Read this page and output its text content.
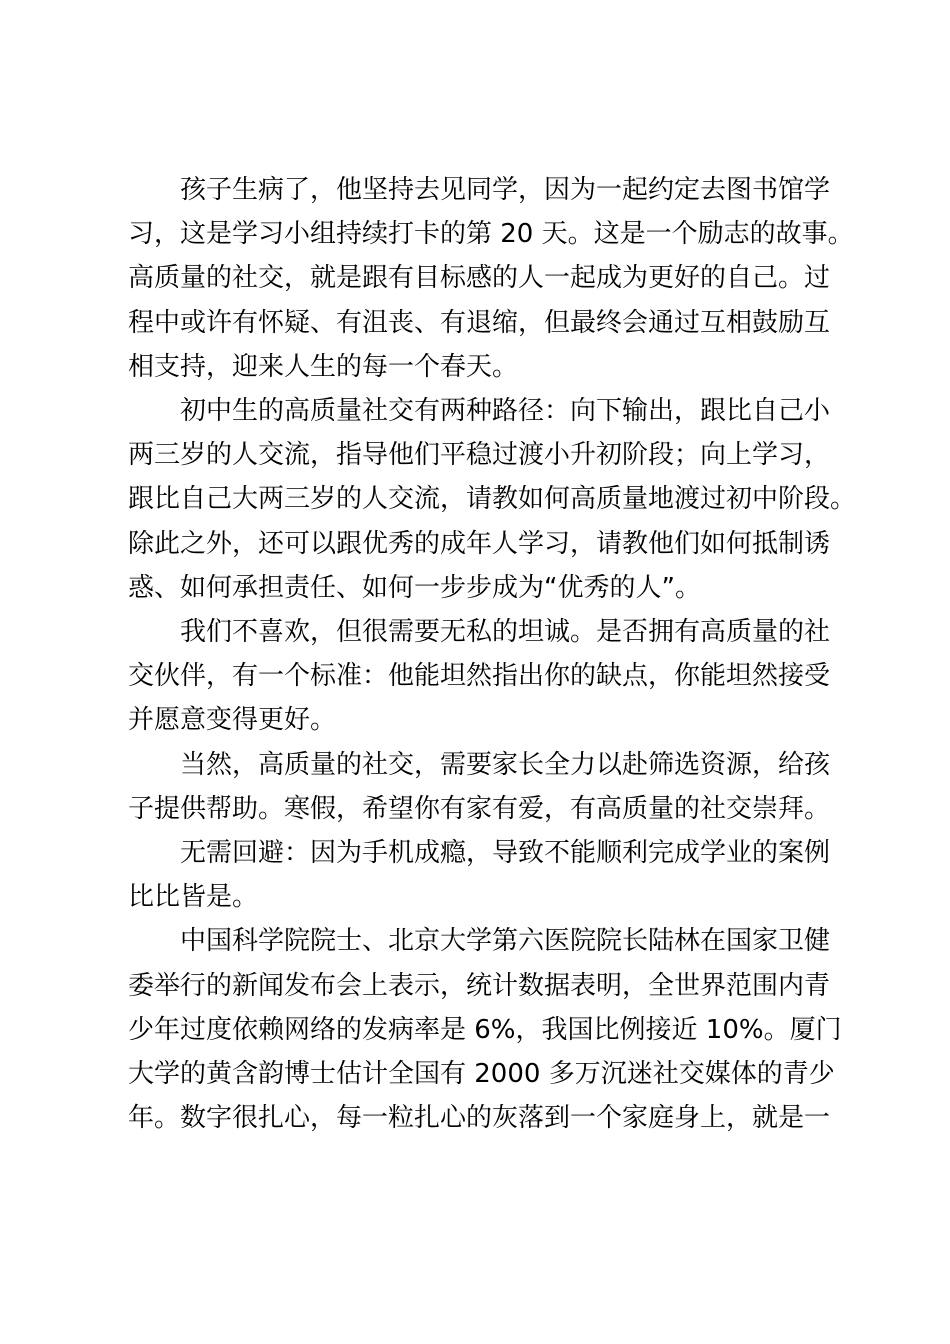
孩子生病了，他坚持去见同学，因为一起约定去图书馆学
习，这是学习小组持续打卡的第 20 天。这是一个励志的故事。
高质量的社交，就是跟有目标感的人一起成为更好的自己。过
程中或许有怀疑、有沮丧、有退缩，但最终会通过互相鼓励互
相支持，迎来人生的每一个春天。

初中生的高质量社交有两种路径：向下输出，跟比自己小
两三岁的人交流，指导他们平稳过渡小升初阶段；向上学习，
跟比自己大两三岁的人交流，请教如何高质量地渡过初中阶段。
除此之外，还可以跟优秀的成年人学习，请教他们如何抵制诱
惑、如何承担责任、如何一步步成为“优秀的人”。

我们不喜欢，但很需要无私的坦诚。是否拥有高质量的社
交伙伴，有一个标准：他能坦然指出你的缺点，你能坦然接受
并愿意变得更好。

当然，高质量的社交，需要家长全力以赴筛选资源，给孩
子提供帮助。寒假，希望你有家有爱，有高质量的社交崇拜。

无需回避：因为手机成瘾，导致不能顺利完成学业的案例
比比皆是。

中国科学院院士、北京大学第六医院院长陆林在国家卫健
委举行的新闻发布会上表示，统计数据表明，全世界范围内青
少年过度依赖网络的发病率是 6%，我国比例接近 10%。厦门
大学的黄含韵博士估计全国有 2000 多万沉迷社交媒体的青少
年。数字很扎心，每一粒扎心的灰落到一个家庭身上，就是一
